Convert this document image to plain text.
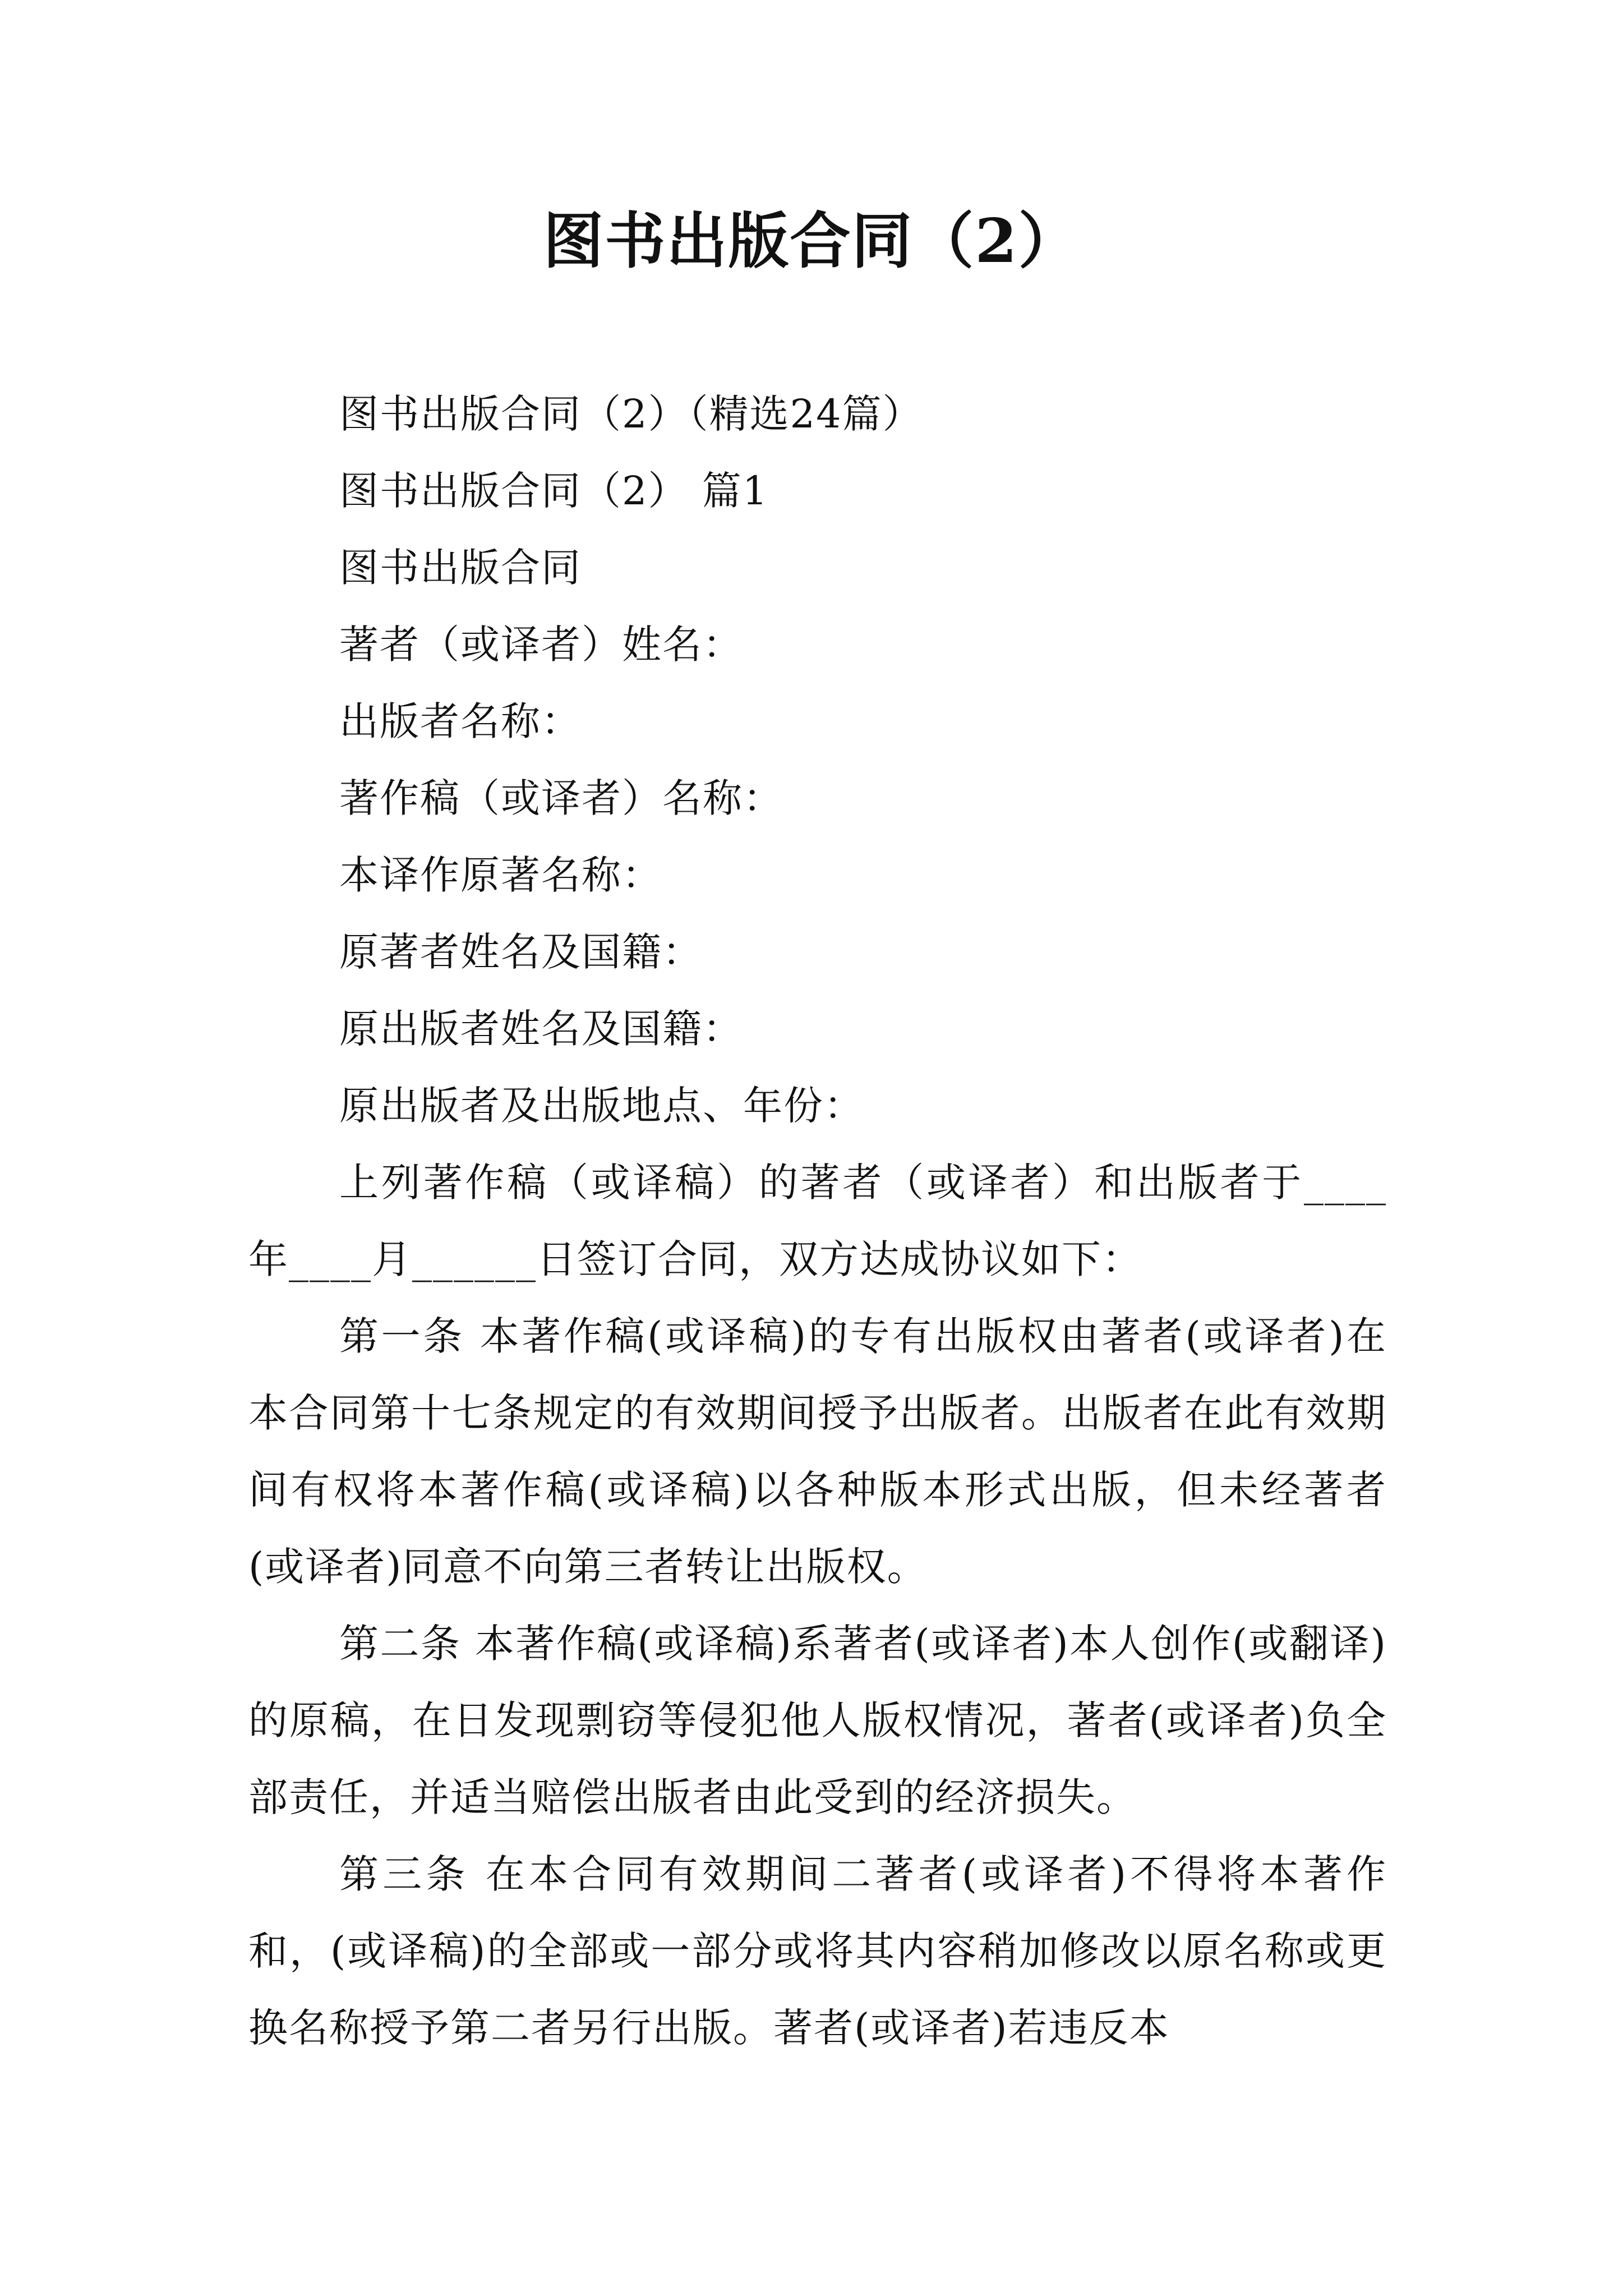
图书出版合同（2）

图书出版合同（2）（精选24篇）

图书出版合同（2） 篇1

图书出版合同

著者（或译者）姓名：

出版者名称：

著作稿（或译者）名称：

本译作原著名称：

原著者姓名及国籍：

原出版者姓名及国籍：

原出版者及出版地点、年份：

上列著作稿（或译稿）的著者（或译者）和出版者于____年____月______日签订合同，双方达成协议如下：

第一条 本著作稿(或译稿)的专有出版权由著者(或译者)在本合同第十七条规定的有效期间授予出版者。出版者在此有效期间有权将本著作稿(或译稿)以各种版本形式出版，但未经著者(或译者)同意不向第三者转让出版权。

第二条 本著作稿(或译稿)系著者(或译者)本人创作(或翻译)的原稿，在日发现剽窃等侵犯他人版权情况，著者(或译者)负全部责任，并适当赔偿出版者由此受到的经济损失。

第三条 在本合同有效期间二著者(或译者)不得将本著作和，(或译稿)的全部或一部分或将其内容稍加修改以原名称或更换名称授予第二者另行出版。著者(或译者)若违反本
